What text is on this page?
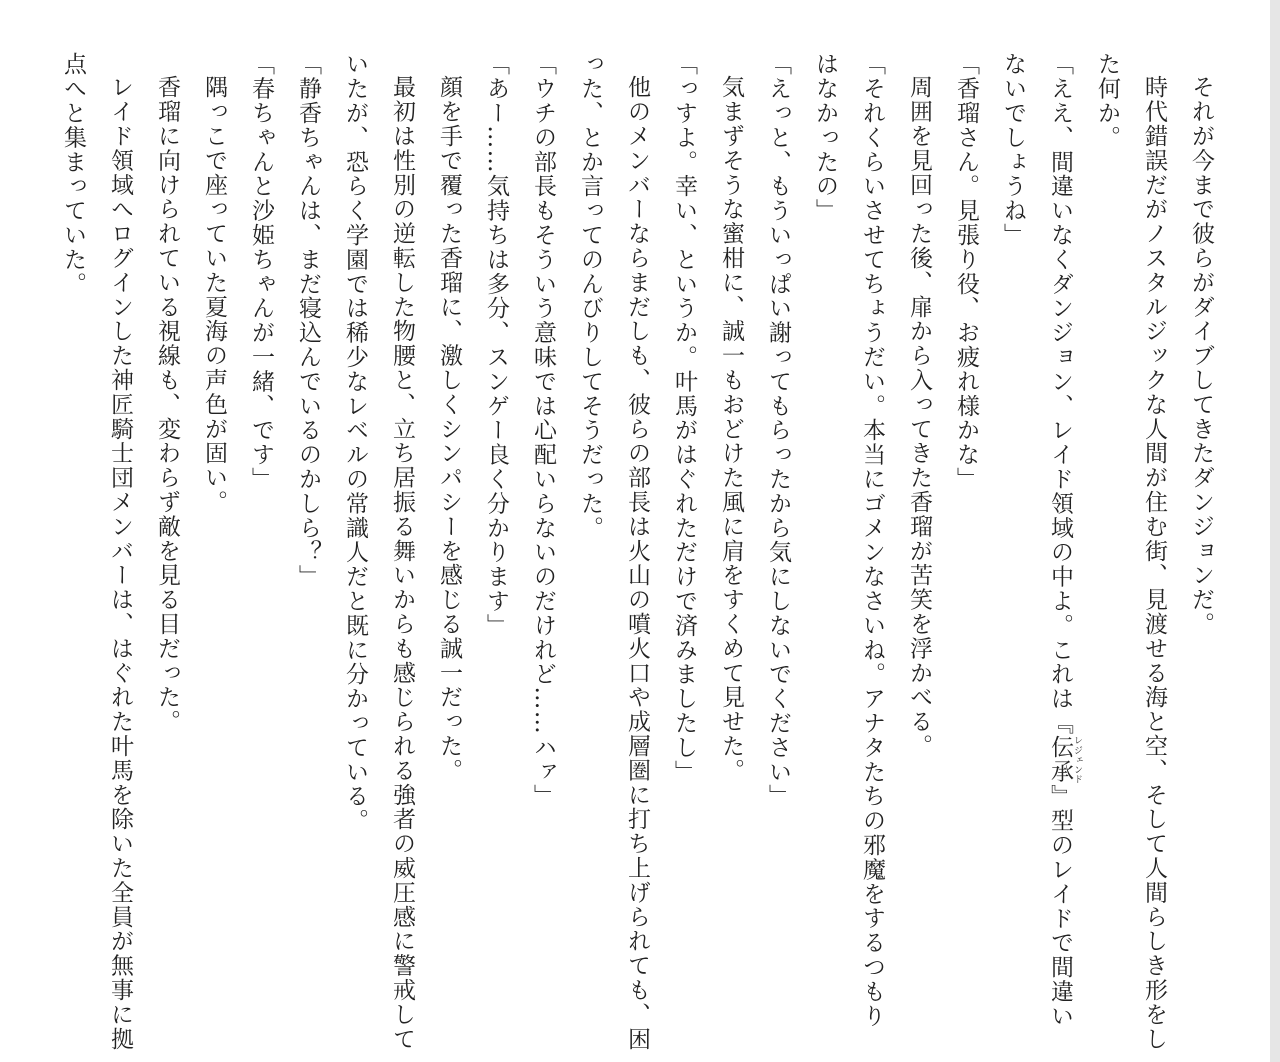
それが今まで彼らがダイブしてきたダンジョンだ。

時代錯誤だがノスタルジックな人間が住む街、見渡せる海と空、そして人間らしき形をした何か。

「ええ、間違いなくダンジョン、レイド領域の中よ。これは『伝承 レジェンド』型のレイドで間違いないでしょうね」

「香瑠さん。見張り役、お疲れ様かな」

周囲を見回った後、扉から入ってきた香瑠が苦笑を浮かべる。

「それくらいさせてちょうだい。本当にゴメンなさいね。アナタたちの邪魔をするつもりはなかったの」

「えっと、もういっぱい謝ってもらったから気にしないでください」

気まずそうな蜜柑に、誠一もおどけた風に肩をすくめて見せた。

「っすよ。幸い、というか。叶馬がはぐれただけで済みましたし」

他のメンバーならまだしも、彼らの部長は火山の噴火口や成層圏に打ち上げられても、困った、とか言ってのんびりしてそうだった。

「ウチの部長もそういう意味では心配いらないのだけれど……ハァ」

「あー……気持ちは多分、スンゲー良く分かります」

顔を手で覆った香瑠に、激しくシンパシーを感じる誠一だった。

最初は性別の逆転した物腰と、立ち居振る舞いからも感じられる強者の威圧感に警戒していたが、恐らく学園では稀少なレベルの常識人だと既に分かっている。

「静香ちゃんは、まだ寝込んでいるのかしら？」

「春ちゃんと沙姫ちゃんが一緒、です」

隅っこで座っていた夏海の声色が固い。

香瑠に向けられている視線も、変わらず敵を見る目だった。

レイド領域へログインした神匠騎士団メンバーは、はぐれた叶馬を除いた全員が無事に拠点へと集まっていた。
